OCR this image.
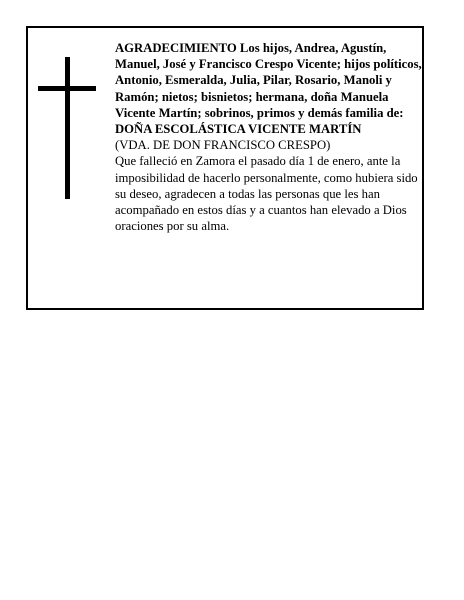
AGRADECIMIENTO Los hijos, Andrea, Agustín, Manuel, José y Francisco Crespo Vicente; hijos políticos, Antonio, Esmeralda, Julia, Pilar, Rosario, Manoli y Ramón; nietos; bisnietos; hermana, doña Manuela Vicente Martín; sobrinos, primos y demás familia de:

DOÑA ESCOLÁSTICA VICENTE MARTÍN

(VDA. DE DON FRANCISCO CRESPO)

Que falleció en Zamora el pasado día 1 de enero, ante la imposibilidad de hacerlo personalmente, como hubiera sido su deseo, agradecen a todas las personas que les han acompañado en estos días y a cuantos han elevado a Dios oraciones por su alma.
